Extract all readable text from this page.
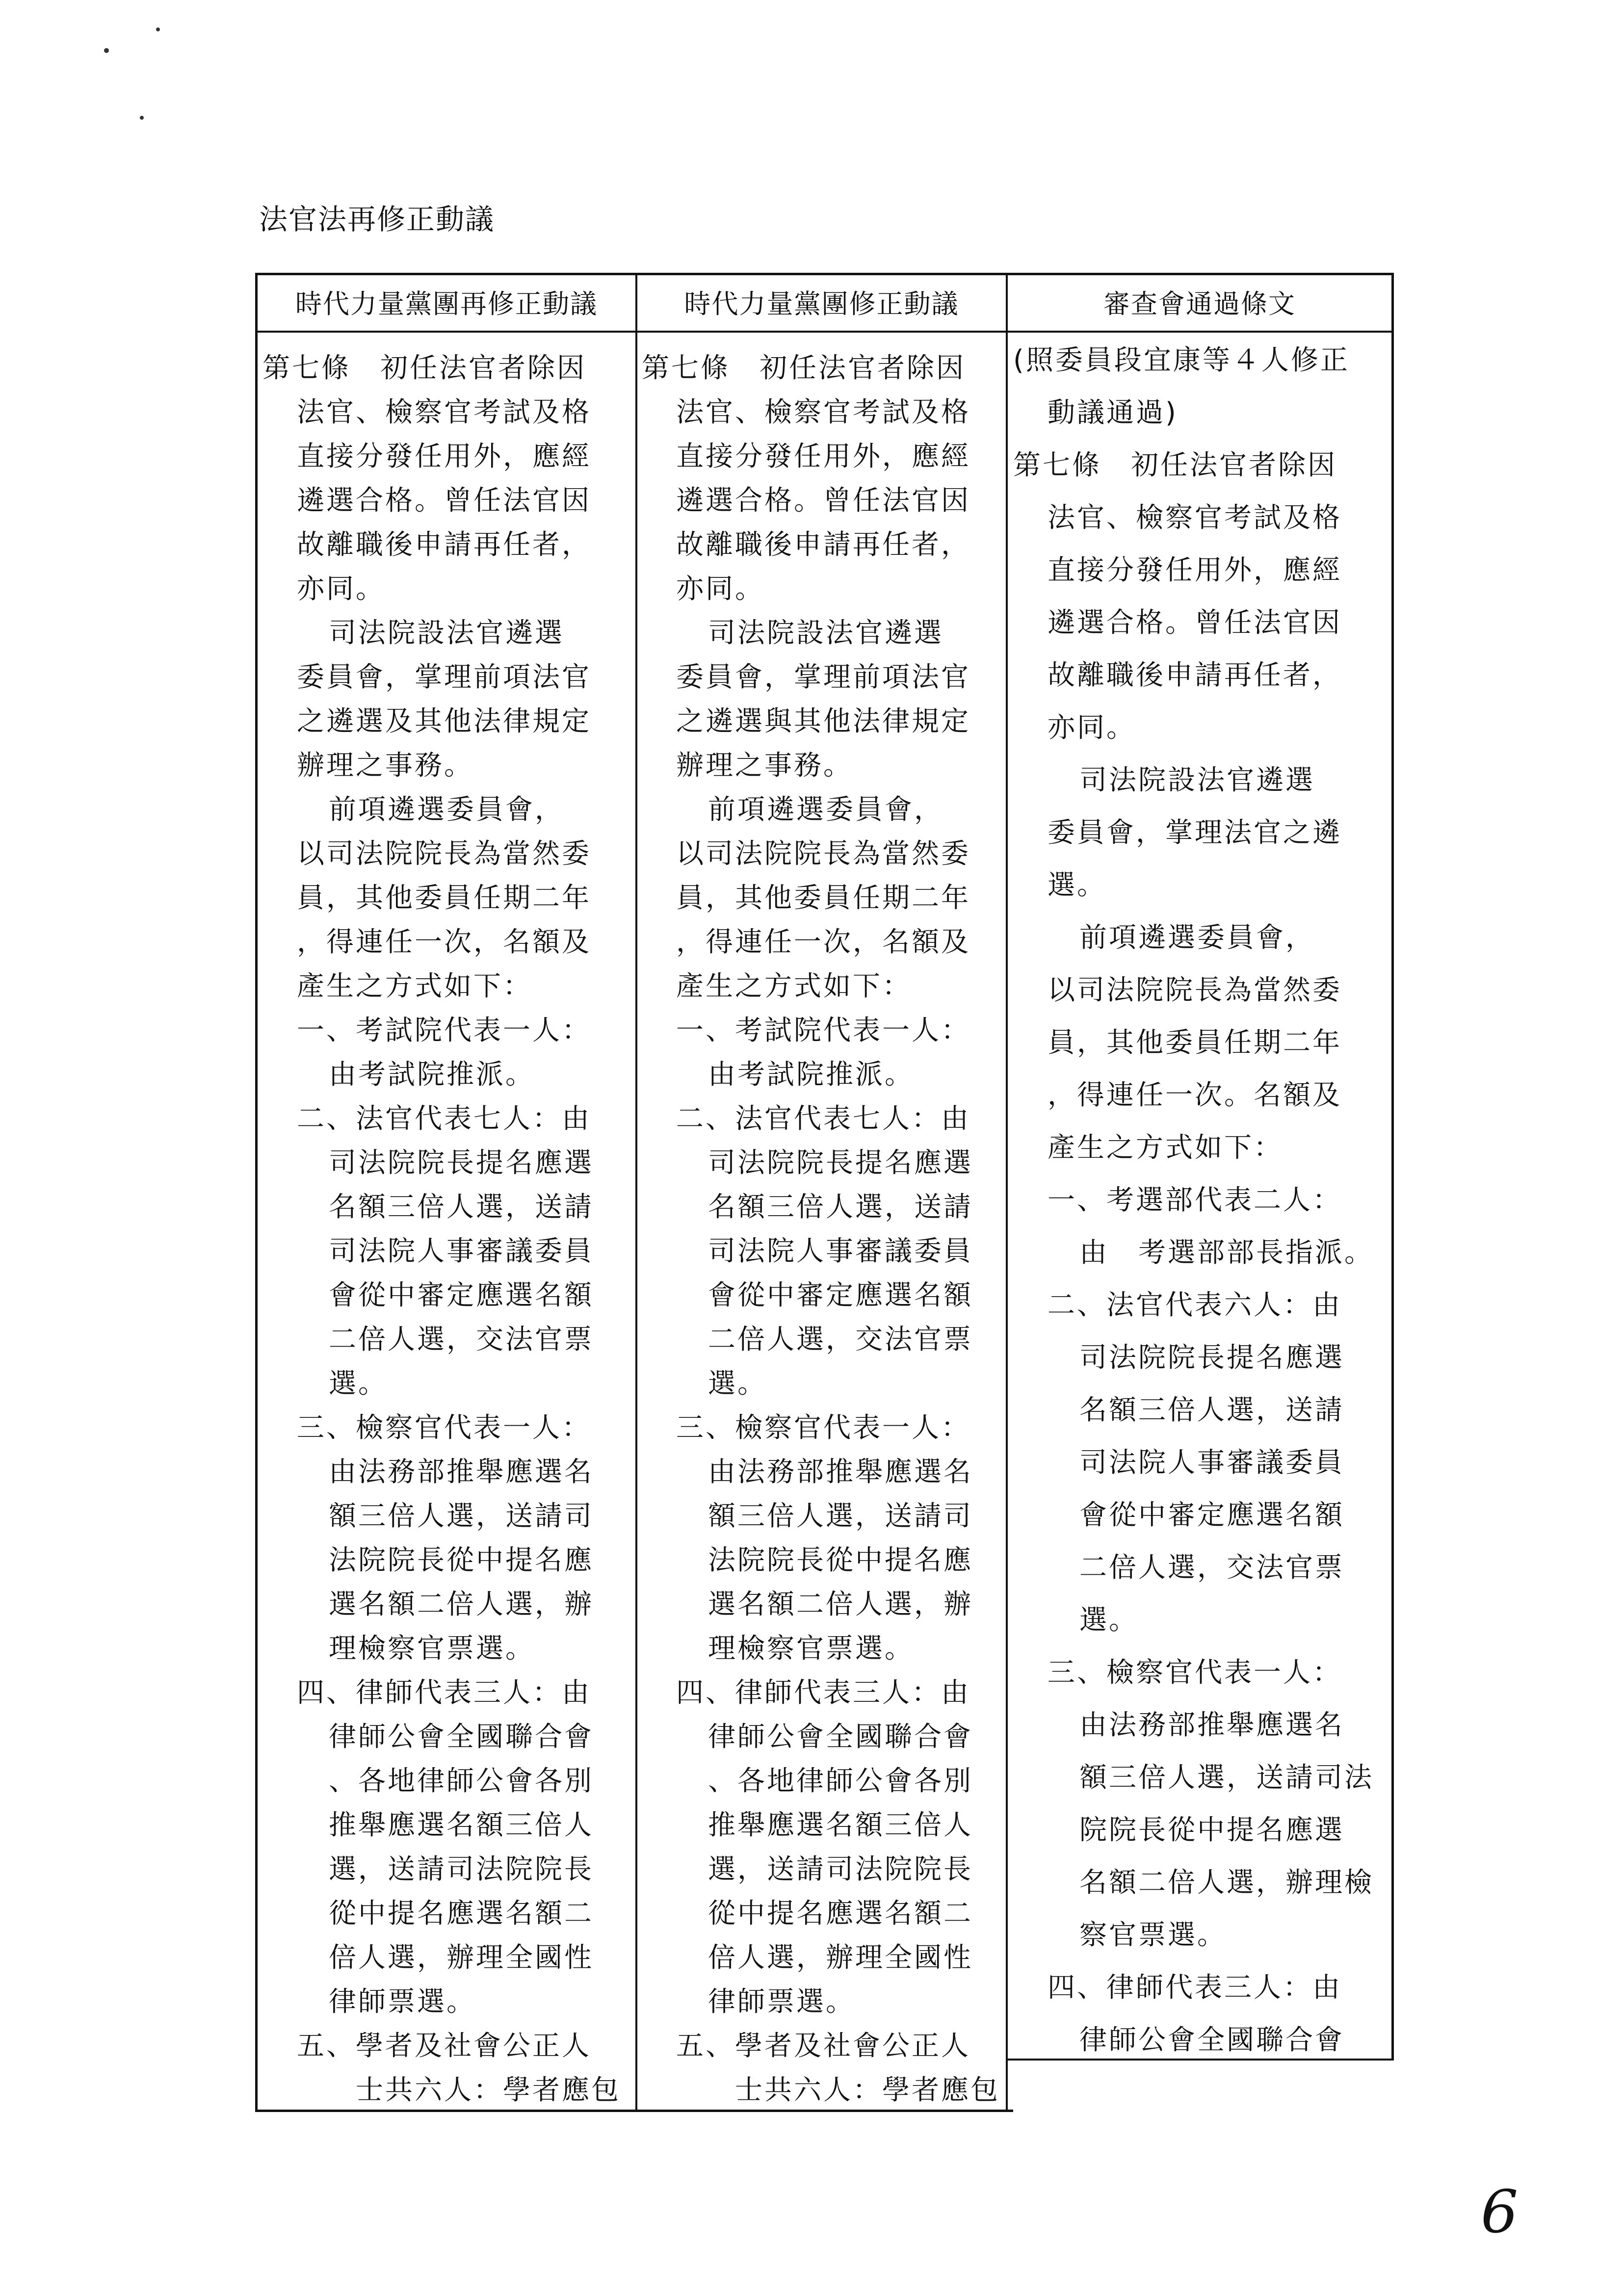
法官法再修正動議
時代力量黨團再修正動議	時代力量黨團修正動議	審查會通過條文
第七條　初任法官者除因
法官、檢察官考試及格
直接分發任用外，應經
遴選合格。曾任法官因
故離職後申請再任者，
亦同。
司法院設法官遴選
委員會，掌理前項法官
之遴選及其他法律規定
辦理之事務。
前項遴選委員會，
以司法院院長為當然委
員，其他委員任期二年
，得連任一次，名額及
產生之方式如下：
一、考試院代表一人：
由考試院推派。
二、法官代表七人：由
司法院院長提名應選
名額三倍人選，送請
司法院人事審議委員
會從中審定應選名額
二倍人選，交法官票
選。
三、檢察官代表一人：
由法務部推舉應選名
額三倍人選，送請司
法院院長從中提名應
選名額二倍人選，辦
理檢察官票選。
四、律師代表三人：由
律師公會全國聯合會
、各地律師公會各別
推舉應選名額三倍人
選，送請司法院院長
從中提名應選名額二
倍人選，辦理全國性
律師票選。
五、學者及社會公正人
士共六人：學者應包
第七條　初任法官者除因
法官、檢察官考試及格
直接分發任用外，應經
遴選合格。曾任法官因
故離職後申請再任者，
亦同。
司法院設法官遴選
委員會，掌理前項法官
之遴選與其他法律規定
辦理之事務。
前項遴選委員會，
以司法院院長為當然委
員，其他委員任期二年
，得連任一次，名額及
產生之方式如下：
一、考試院代表一人：
由考試院推派。
二、法官代表七人：由
司法院院長提名應選
名額三倍人選，送請
司法院人事審議委員
會從中審定應選名額
二倍人選，交法官票
選。
三、檢察官代表一人：
由法務部推舉應選名
額三倍人選，送請司
法院院長從中提名應
選名額二倍人選，辦
理檢察官票選。
四、律師代表三人：由
律師公會全國聯合會
、各地律師公會各別
推舉應選名額三倍人
選，送請司法院院長
從中提名應選名額二
倍人選，辦理全國性
律師票選。
五、學者及社會公正人
士共六人：學者應包
(照委員段宜康等４人修正
動議通過)
第七條　初任法官者除因
法官、檢察官考試及格
直接分發任用外，應經
遴選合格。曾任法官因
故離職後申請再任者，
亦同。
司法院設法官遴選
委員會，掌理法官之遴
選。
前項遴選委員會，
以司法院院長為當然委
員，其他委員任期二年
，得連任一次。名額及
產生之方式如下：
一、考選部代表二人：
由　考選部部長指派。
二、法官代表六人：由
司法院院長提名應選
名額三倍人選，送請
司法院人事審議委員
會從中審定應選名額
二倍人選，交法官票
選。
三、檢察官代表一人：
由法務部推舉應選名
額三倍人選，送請司法
院院長從中提名應選
名額二倍人選，辦理檢
察官票選。
四、律師代表三人：由
律師公會全國聯合會
6
